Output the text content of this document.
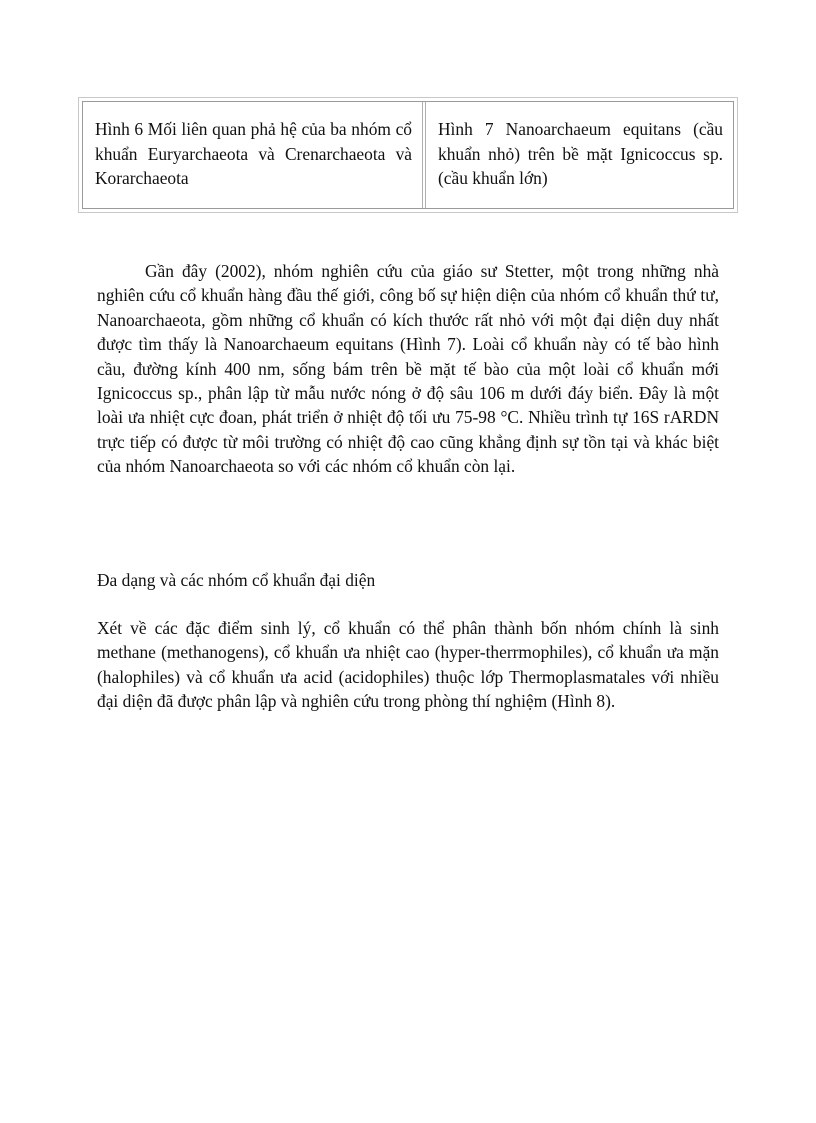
Hình 6 Mối liên quan phả hệ của ba nhóm cổ khuẩn Euryarchaeota và Crenarchaeota và Korarchaeota
Hình 7 Nanoarchaeum equitans (cầu khuẩn nhỏ) trên bề mặt Ignicoccus sp. (cầu khuẩn lớn)

Gần đây (2002), nhóm nghiên cứu của giáo sư Stetter, một trong những nhà nghiên cứu cổ khuẩn hàng đầu thế giới, công bố sự hiện diện của nhóm cổ khuẩn thứ tư, Nanoarchaeota, gồm những cổ khuẩn có kích thước rất nhỏ với một đại diện duy nhất được tìm thấy là Nanoarchaeum equitans (Hình 7). Loài cổ khuẩn này có tế bào hình cầu, đường kính 400 nm, sống bám trên bề mặt tế bào của một loài cổ khuẩn mới Ignicoccus sp., phân lập từ mẫu nước nóng ở độ sâu 106 m dưới đáy biển. Đây là một loài ưa nhiệt cực đoan, phát triển ở nhiệt độ tối ưu 75-98 °C. Nhiều trình tự 16S rARDN trực tiếp có được từ môi trường có nhiệt độ cao cũng khẳng định sự tồn tại và khác biệt của nhóm Nanoarchaeota so với các nhóm cổ khuẩn còn lại.

Đa dạng và các nhóm cổ khuẩn đại diện

Xét về các đặc điểm sinh lý, cổ khuẩn có thể phân thành bốn nhóm chính là sinh methane (methanogens), cổ khuẩn ưa nhiệt cao (hyper-therrmophiles), cổ khuẩn ưa mặn (halophiles) và cổ khuẩn ưa acid (acidophiles) thuộc lớp Thermoplasmatales với nhiều đại diện đã được phân lập và nghiên cứu trong phòng thí nghiệm (Hình 8).
